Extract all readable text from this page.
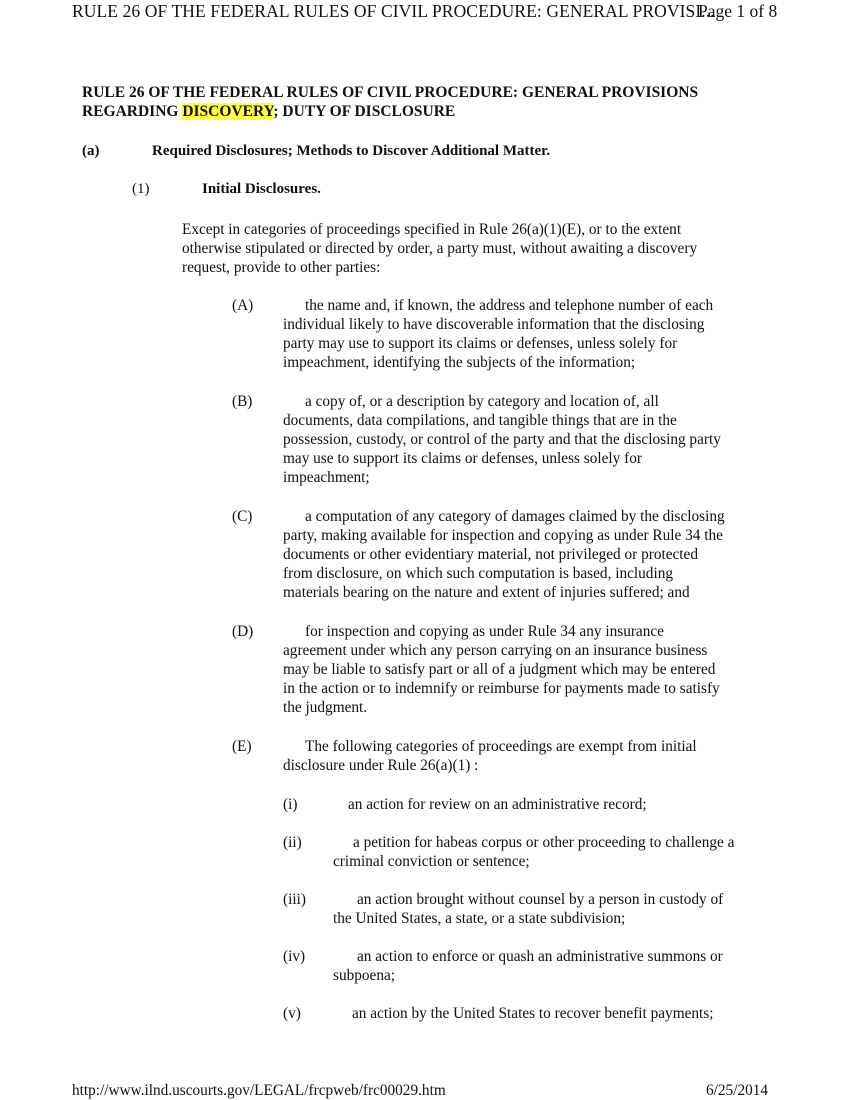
RULE 26 OF THE FEDERAL RULES OF CIVIL PROCEDURE: GENERAL PROVISI...
Page 1 of 8
RULE 26 OF THE FEDERAL RULES OF CIVIL PROCEDURE: GENERAL PROVISIONS
REGARDING DISCOVERY; DUTY OF DISCLOSURE
(a)	Required Disclosures; Methods to Discover Additional Matter.
(1)	Initial Disclosures.
Except in categories of proceedings specified in Rule 26(a)(1)(E), or to the extent
otherwise stipulated or directed by order, a party must, without awaiting a discovery
request, provide to other parties:
(A)	the name and, if known, the address and telephone number of each
individual likely to have discoverable information that the disclosing
party may use to support its claims or defenses, unless solely for
impeachment, identifying the subjects of the information;
(B)	a copy of, or a description by category and location of, all
documents, data compilations, and tangible things that are in the
possession, custody, or control of the party and that the disclosing party
may use to support its claims or defenses, unless solely for
impeachment;
(C)	a computation of any category of damages claimed by the disclosing
party, making available for inspection and copying as under Rule 34 the
documents or other evidentiary material, not privileged or protected
from disclosure, on which such computation is based, including
materials bearing on the nature and extent of injuries suffered; and
(D)	for inspection and copying as under Rule 34 any insurance
agreement under which any person carrying on an insurance business
may be liable to satisfy part or all of a judgment which may be entered
in the action or to indemnify or reimburse for payments made to satisfy
the judgment.
(E)	The following categories of proceedings are exempt from initial
disclosure under Rule 26(a)(1) :
(i)	an action for review on an administrative record;
(ii)	a petition for habeas corpus or other proceeding to challenge a
criminal conviction or sentence;
(iii)	an action brought without counsel by a person in custody of
the United States, a state, or a state subdivision;
(iv)	an action to enforce or quash an administrative summons or
subpoena;
(v)	an action by the United States to recover benefit payments;
http://www.ilnd.uscourts.gov/LEGAL/frcpweb/frc00029.htm	6/25/2014
